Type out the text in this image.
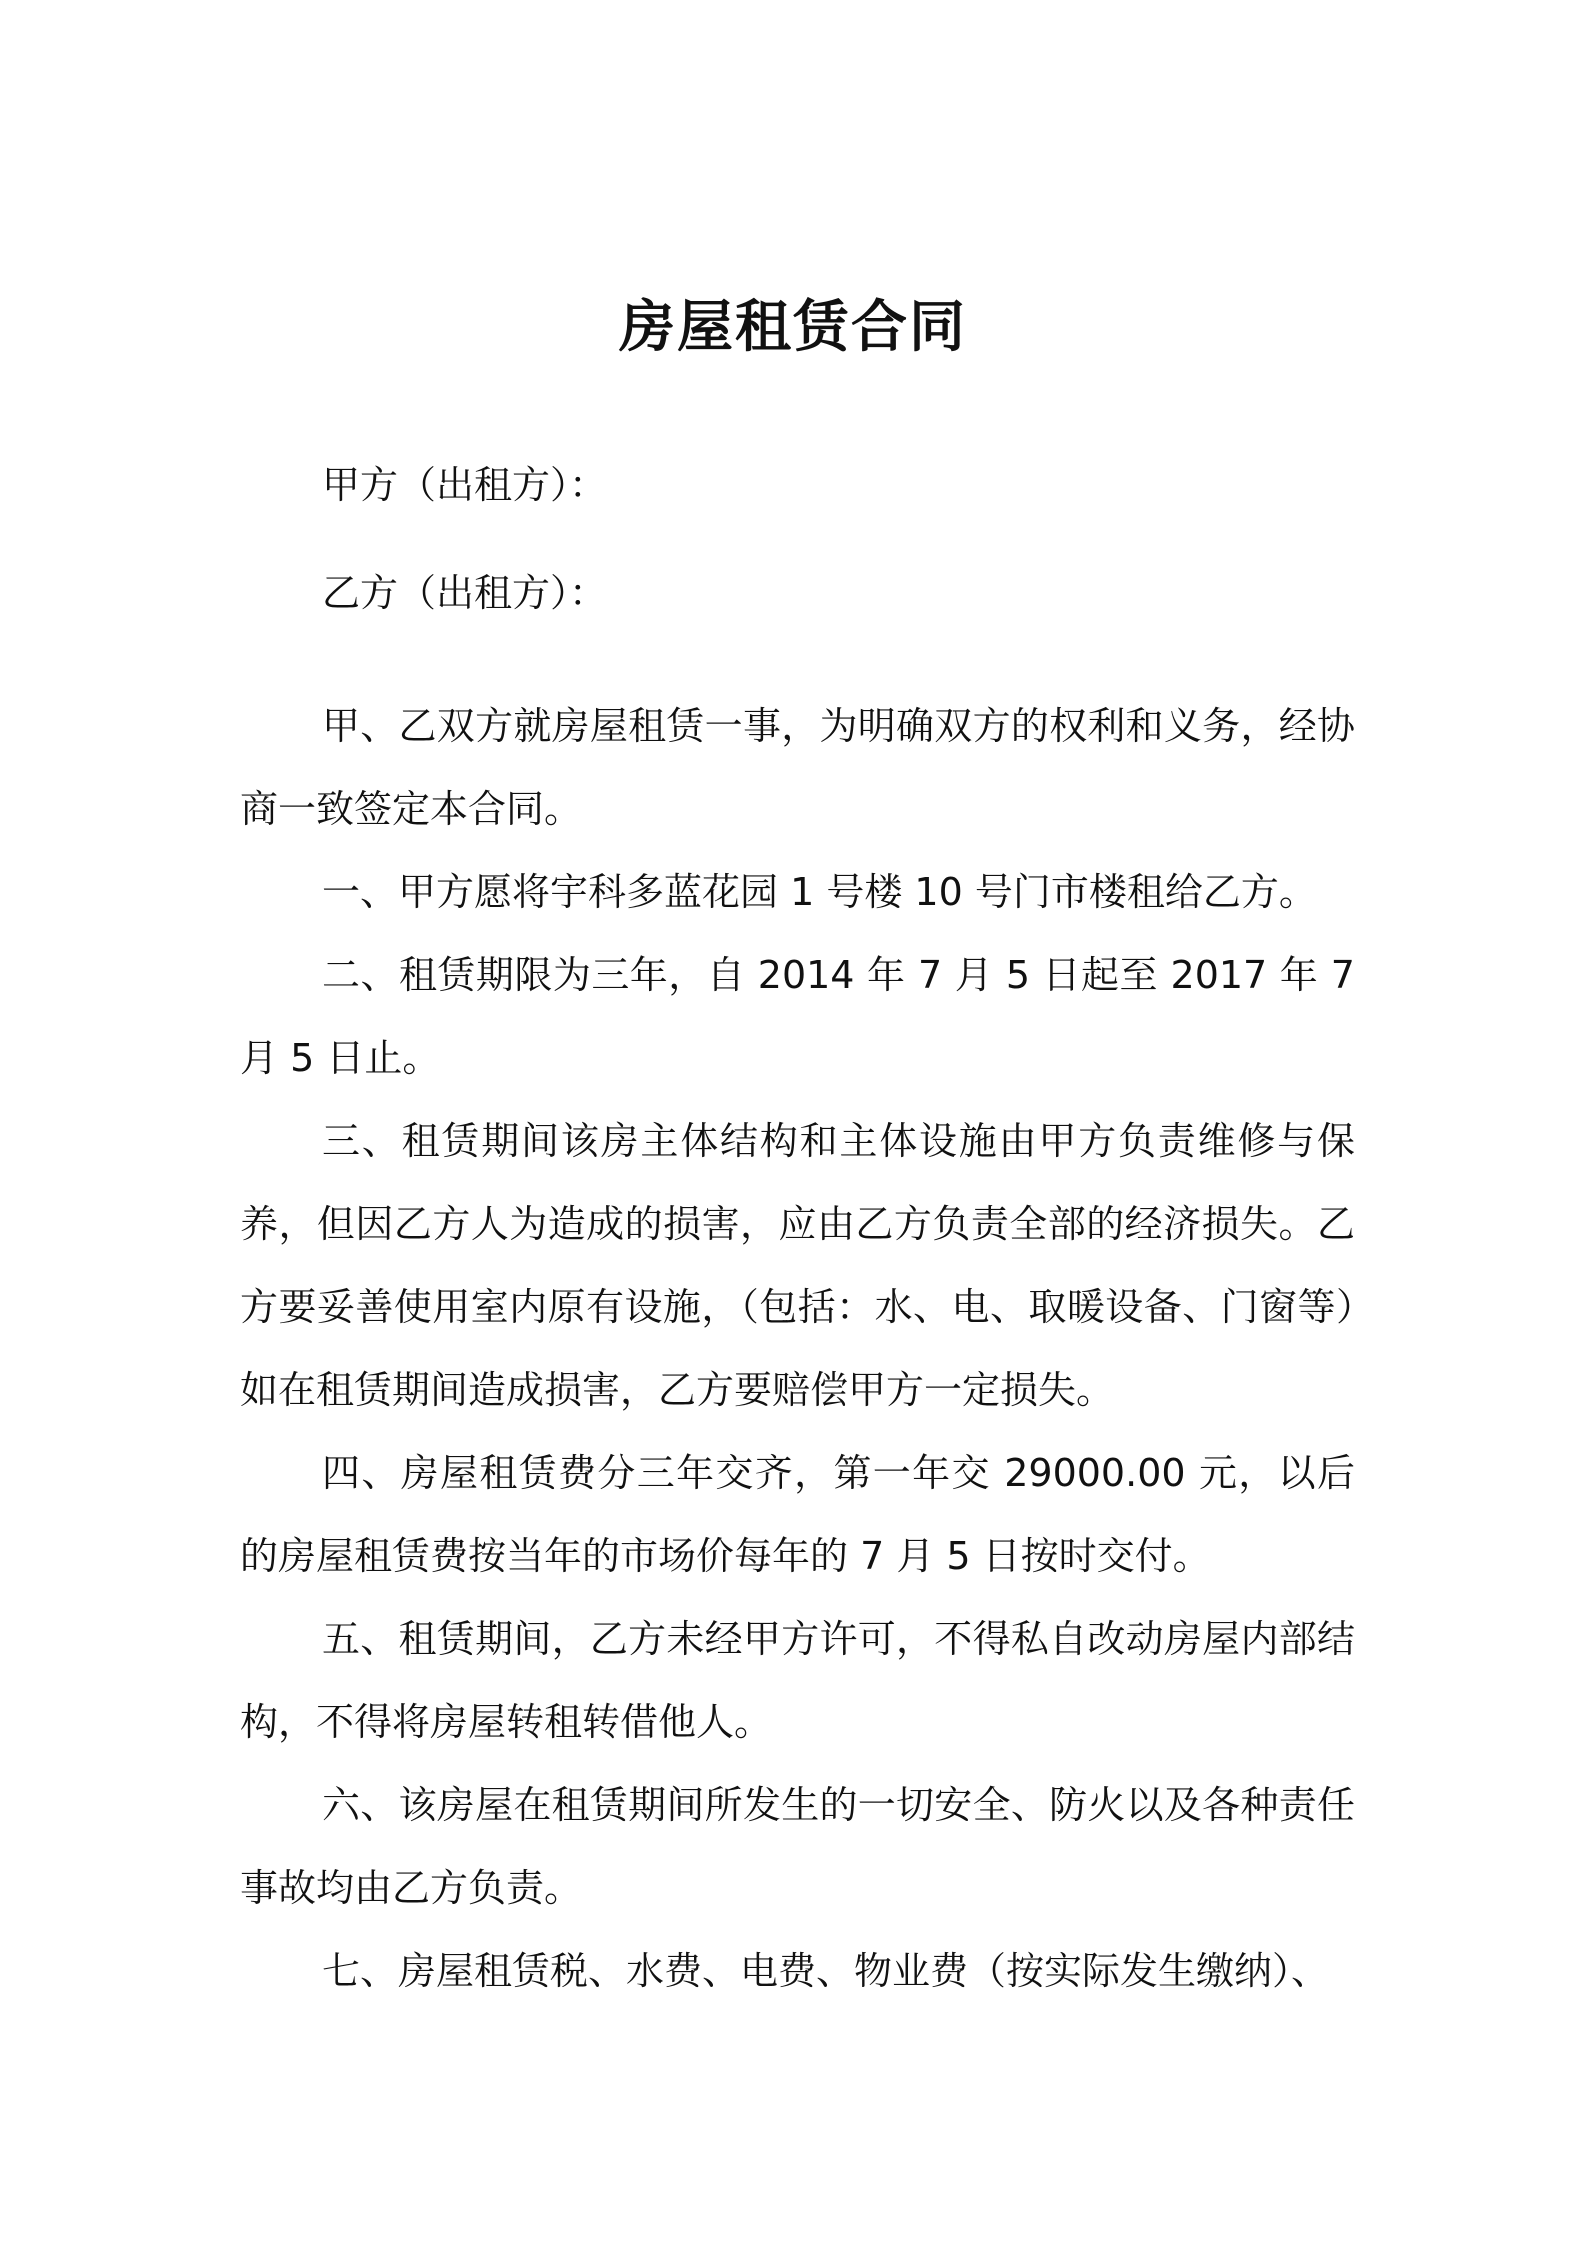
房屋租赁合同

甲方（出租方）：

乙方（出租方）：

甲、乙双方就房屋租赁一事，为明确双方的权利和义务，经协商一致签定本合同。

一、甲方愿将宇科多蓝花园 1 号楼 10 号门市楼租给乙方。

二、租赁期限为三年，自 2014 年 7 月 5 日起至 2017 年 7 月 5 日止。

三、租赁期间该房主体结构和主体设施由甲方负责维修与保养，但因乙方人为造成的损害，应由乙方负责全部的经济损失。乙方要妥善使用室内原有设施，（包括：水、电、取暖设备、门窗等）如在租赁期间造成损害，乙方要赔偿甲方一定损失。

四、房屋租赁费分三年交齐，第一年交 29000.00 元，以后的房屋租赁费按当年的市场价每年的 7 月 5 日按时交付。

五、租赁期间，乙方未经甲方许可，不得私自改动房屋内部结构，不得将房屋转租转借他人。

六、该房屋在租赁期间所发生的一切安全、防火以及各种责任事故均由乙方负责。

七、房屋租赁税、水费、电费、物业费（按实际发生缴纳）、
